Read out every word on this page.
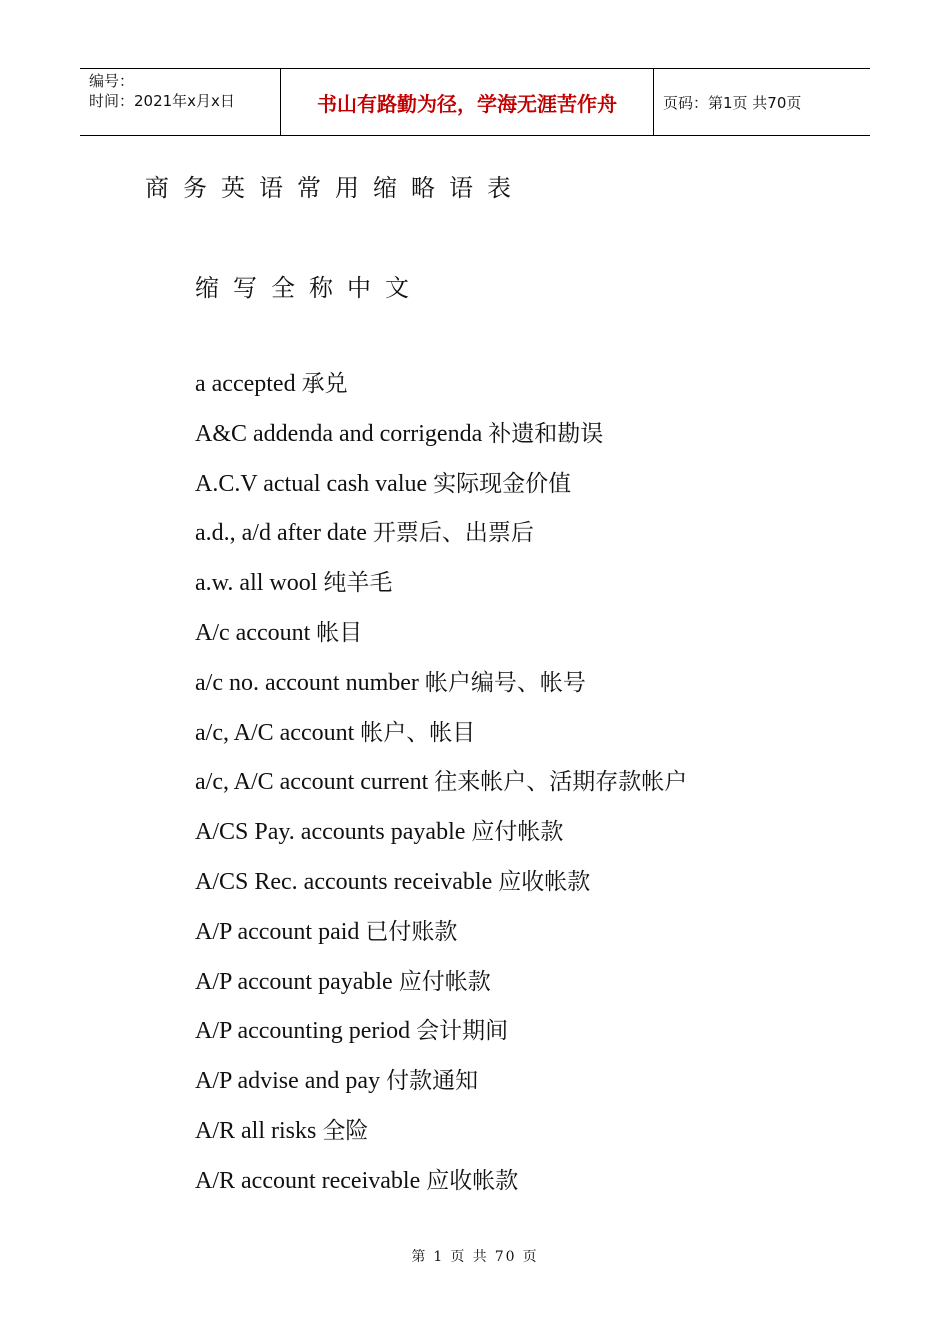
编号：
时间：2021年x月x日	书山有路勤为径，学海无涯苦作舟	页码：第1页 共70页
商务英语常用缩略语表
缩写全称中文
a accepted 承兑
A&C addenda and corrigenda 补遗和勘误
A.C.V actual cash value 实际现金价值
a.d., a/d after date 开票后、出票后
a.w. all wool 纯羊毛
A/c account 帐目
a/c no. account number 帐户编号、帐号
a/c, A/C account 帐户、帐目
a/c, A/C account current 往来帐户、活期存款帐户
A/CS Pay. accounts payable 应付帐款
A/CS Rec. accounts receivable 应收帐款
A/P account paid 已付账款
A/P account payable 应付帐款
A/P accounting period 会计期间
A/P advise and pay 付款通知
A/R all risks 全险
A/R account receivable 应收帐款
第 1 页 共 70 页
